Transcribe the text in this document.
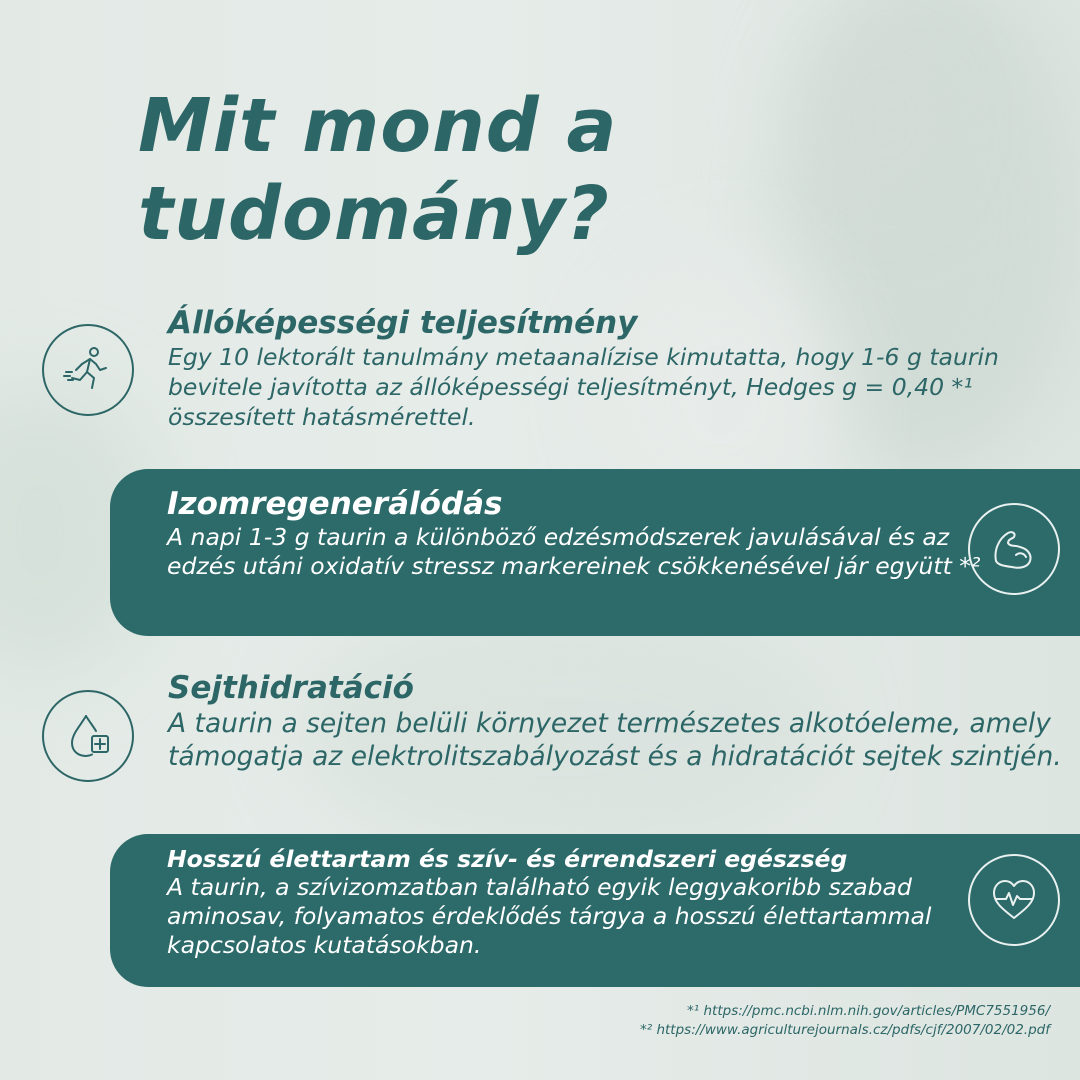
Mit mond a tudomány?
Állóképességi teljesítmény

Egy 10 lektorált tanulmány metaanalízise kimutatta, hogy 1-6 g taurin bevitele javította az állóképességi teljesítményt, Hedges g = 0,40 *¹ összesített hatásmérettel.

Izomregenerálódás

A napi 1-3 g taurin a különböző edzésmódszerek javulásával és az edzés utáni oxidatív stressz markereinek csökkenésével jár együtt *²

Sejthidratáció

A taurin a sejten belüli környezet természetes alkotóeleme, amely támogatja az elektrolitszabályozást és a hidratációt sejtek szintjén.

Hosszú élettartam és szív- és érrendszeri egészség

A taurin, a szívizomzatban található egyik leggyakoribb szabad aminosav, folyamatos érdeklődés tárgya a hosszú élettartammal kapcsolatos kutatásokban.

*¹ https://pmc.ncbi.nlm.nih.gov/articles/PMC7551956/
*² https://www.agriculturejournals.cz/pdfs/cjf/2007/02/02.pdf
